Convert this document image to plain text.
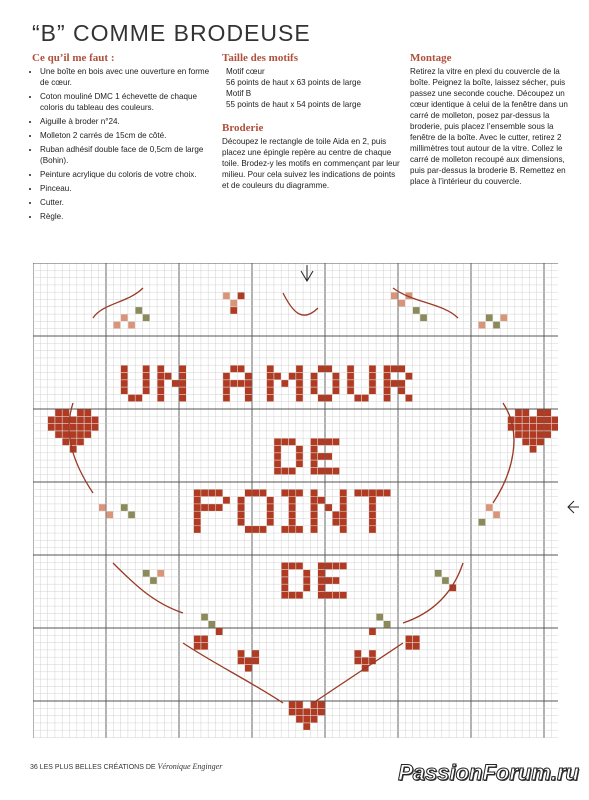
“B” COMME BRODEUSE
Ce qu’il me faut :
• Une boîte en bois avec une ouverture en forme de cœur.
• Coton mouliné DMC 1 échevette de chaque coloris du tableau des couleurs.
• Aiguille à broder n°24.
• Molleton 2 carrés de 15cm de côté.
• Ruban adhésif double face de 0,5cm de large (Bohin).
• Peinture acrylique du coloris de votre choix.
• Pinceau.
• Cutter.
• Règle.
Taille des motifs

Motif cœur

56 points de haut x 63 points de large

Motif B

55 points de haut x 54 points de large

Broderie

Découpez le rectangle de toile Aida en 2, puis placez une épingle repère au centre de chaque toile. Brodez-y les motifs en commençant par leur milieu. Pour cela suivez les indications de points et de couleurs du diagramme.

Montage

Retirez la vitre en plexi du couvercle de la boîte. Peignez la boîte, laissez sécher, puis passez une seconde couche. Découpez un cœur identique à celui de la fenêtre dans un carré de molleton, posez par-dessus la broderie, puis placez l’ensemble sous la fenêtre de la boîte. Avec le cutter, retirez 2 millimètres tout autour de la vitre. Collez le carré de molleton recoupé aux dimensions, puis par-dessus la broderie B. Remettez en place à l’intérieur du couvercle.

36 LES PLUS BELLES CRÉATIONS DE Véronique Enginger	PassionForum.ru
